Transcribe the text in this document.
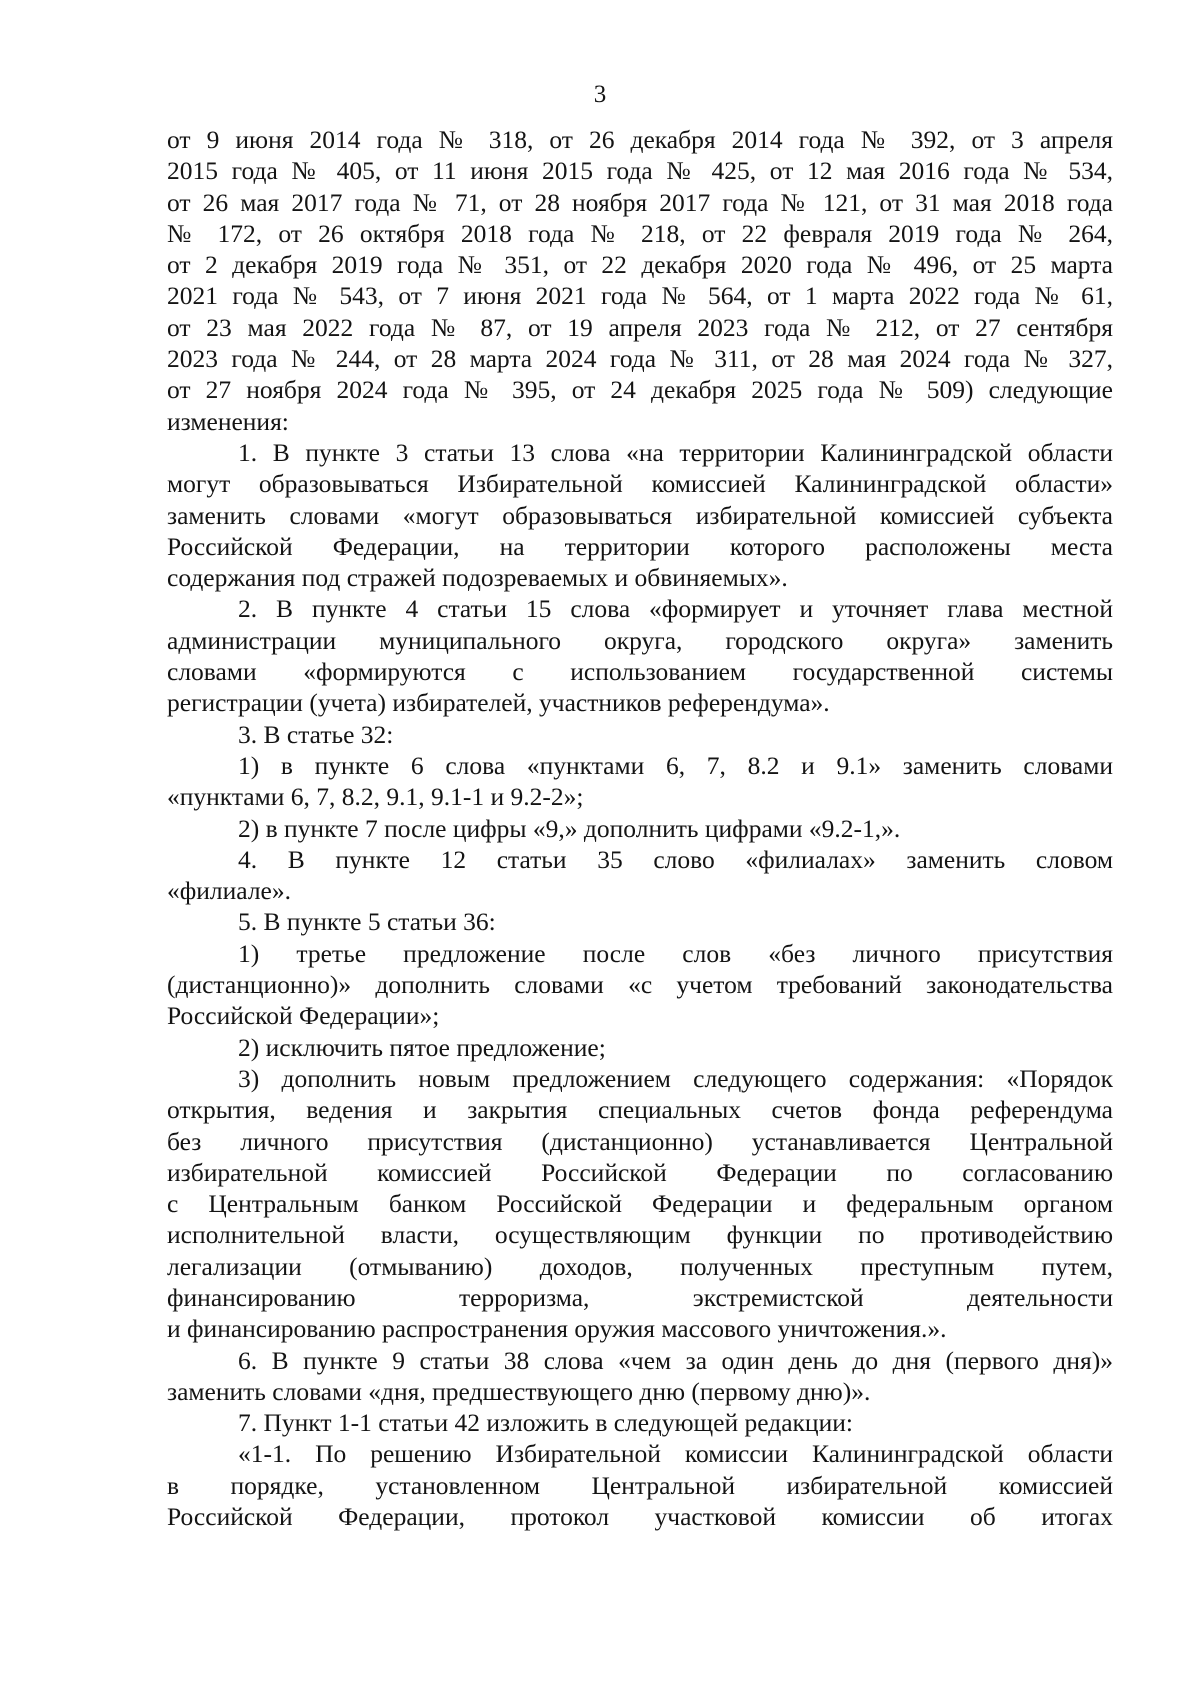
3
от 9 июня 2014 года № 318, от 26 декабря 2014 года № 392, от 3 апреля
2015 года № 405, от 11 июня 2015 года № 425, от 12 мая 2016 года № 534,
от 26 мая 2017 года № 71, от 28 ноября 2017 года № 121, от 31 мая 2018 года
№ 172, от 26 октября 2018 года № 218, от 22 февраля 2019 года № 264,
от 2 декабря 2019 года № 351, от 22 декабря 2020 года № 496, от 25 марта
2021 года № 543, от 7 июня 2021 года № 564, от 1 марта 2022 года № 61,
от 23 мая 2022 года № 87, от 19 апреля 2023 года № 212, от 27 сентября
2023 года № 244, от 28 марта 2024 года № 311, от 28 мая 2024 года № 327,
от 27 ноября 2024 года № 395, от 24 декабря 2025 года № 509) следующие
изменения:
1. В пункте 3 статьи 13 слова «на территории Калининградской области
могут образовываться Избирательной комиссией Калининградской области»
заменить словами «могут образовываться избирательной комиссией субъекта
Российской Федерации, на территории которого расположены места
содержания под стражей подозреваемых и обвиняемых».
2. В пункте 4 статьи 15 слова «формирует и уточняет глава местной
администрации муниципального округа, городского округа» заменить
словами «формируются с использованием государственной системы
регистрации (учета) избирателей, участников референдума».
3. В статье 32:
1) в пункте 6 слова «пунктами 6, 7, 8.2 и 9.1» заменить словами
«пунктами 6, 7, 8.2, 9.1, 9.1-1 и 9.2-2»;
2) в пункте 7 после цифры «9,» дополнить цифрами «9.2-1,».
4. В пункте 12 статьи 35 слово «филиалах» заменить словом
«филиале».
5. В пункте 5 статьи 36:
1) третье предложение после слов «без личного присутствия
(дистанционно)» дополнить словами «с учетом требований законодательства
Российской Федерации»;
2) исключить пятое предложение;
3) дополнить новым предложением следующего содержания: «Порядок
открытия, ведения и закрытия специальных счетов фонда референдума
без личного присутствия (дистанционно) устанавливается Центральной
избирательной комиссией Российской Федерации по согласованию
с Центральным банком Российской Федерации и федеральным органом
исполнительной власти, осуществляющим функции по противодействию
легализации (отмыванию) доходов, полученных преступным путем,
финансированию терроризма, экстремистской деятельности
и финансированию распространения оружия массового уничтожения.».
6. В пункте 9 статьи 38 слова «чем за один день до дня (первого дня)»
заменить словами «дня, предшествующего дню (первому дню)».
7. Пункт 1-1 статьи 42 изложить в следующей редакции:
«1-1. По решению Избирательной комиссии Калининградской области
в порядке, установленном Центральной избирательной комиссией
Российской Федерации, протокол участковой комиссии об итогах
